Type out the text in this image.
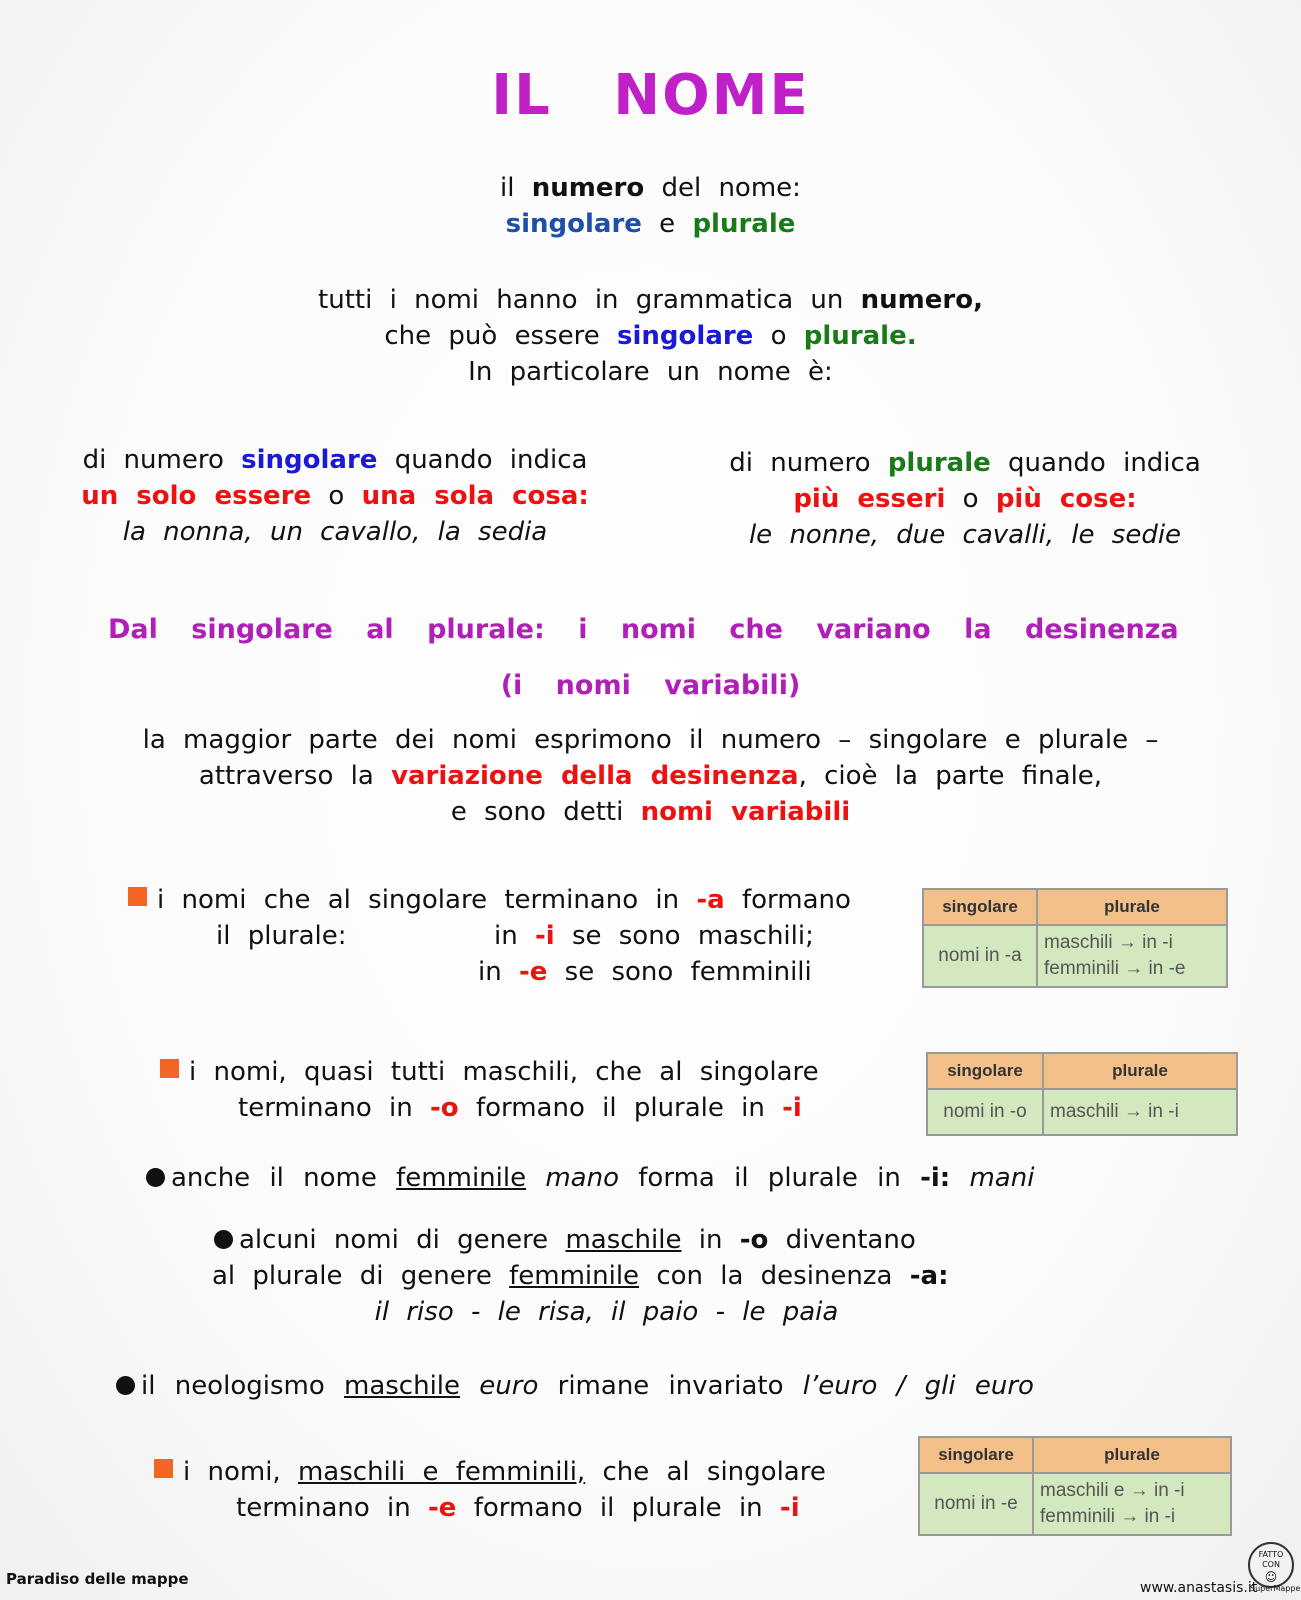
IL NOME
il numero del nome:
singolare e plurale
tutti i nomi hanno in grammatica un numero,
che può essere singolare o plurale.
In particolare un nome è:
di numero singolare quando indica
un solo essere o una sola cosa:
la nonna, un cavallo, la sedia
di numero plurale quando indica
più esseri o più cose:
le nonne, due cavalli, le sedie
Dal singolare al plurale: i nomi che variano la desinenza
(i nomi variabili)
la maggior parte dei nomi esprimono il numero – singolare e plurale –
attraverso la variazione della desinenza, cioè la parte finale,
e sono detti nomi variabili
i nomi che al singolare terminano in -a formano
il plurale:	in -i se sono maschili;
in -e se sono femminili
singolare	plurale
nomi in -a	maschili → in -i
femminili → in -e
i nomi, quasi tutti maschili, che al singolare
terminano in -o formano il plurale in -i
singolare	plurale
nomi in -o	maschili → in -i
anche il nome femminile mano forma il plurale in -i: mani
alcuni nomi di genere maschile in -o diventano
al plurale di genere femminile con la desinenza -a:
il riso - le risa, il paio - le paia
il neologismo maschile euro rimane invariato l’euro / gli euro
i nomi, maschili e femminili, che al singolare
terminano in -e formano il plurale in -i
singolare	plurale
nomi in -e	maschili e → in -i
femminili → in -i
Paradiso delle mappe	www.anastasis.it
FATTO CON
☺
SuperMappe
